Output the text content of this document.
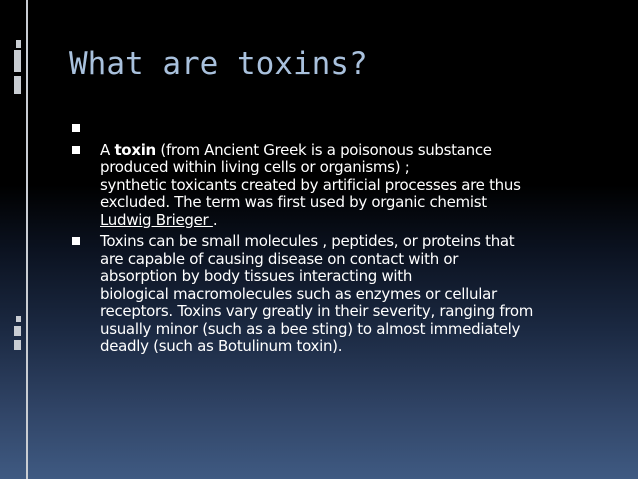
What are toxins?
A toxin (from Ancient Greek is a poisonous substance
produced within living cells or organisms) ;
synthetic toxicants created by artificial processes are thus
excluded. The term was first used by organic chemist
Ludwig Brieger .
Toxins can be small molecules , peptides, or proteins that
are capable of causing disease on contact with or
absorption by body tissues interacting with
biological macromolecules such as enzymes or cellular
receptors. Toxins vary greatly in their severity, ranging from
usually minor (such as a bee sting) to almost immediately
deadly (such as Botulinum toxin).
